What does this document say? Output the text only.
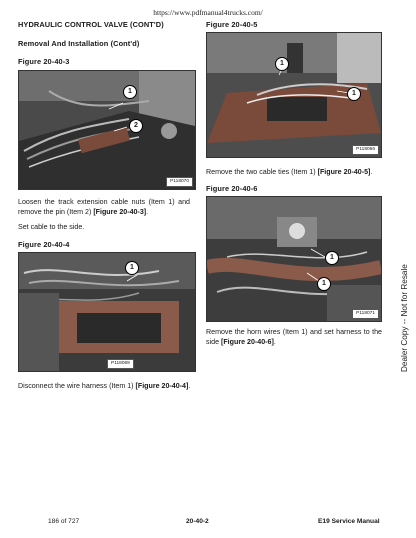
https://www.pdfmanual4trucks.com/
HYDRAULIC CONTROL VALVE (CONT'D)
Removal And Installation (Cont'd)
Figure 20-40-3
1
2
P118070
Loosen the track extension cable nuts (Item 1) and remove the pin (Item 2) [Figure 20-40-3].
Set cable to the side.
Figure 20-40-4
1
P118069
Disconnect the wire harness (Item 1) [Figure 20-40-4].
Figure 20-40-5
1
1
P118066
Remove the two cable ties (Item 1) [Figure 20-40-5].
Figure 20-40-6
1
1
P118071
Remove the horn wires (Item 1) and set harness to the side [Figure 20-40-6].	Dealer Copy -- Not for Resale
186 of 727	20-40-2	E19 Service Manual
